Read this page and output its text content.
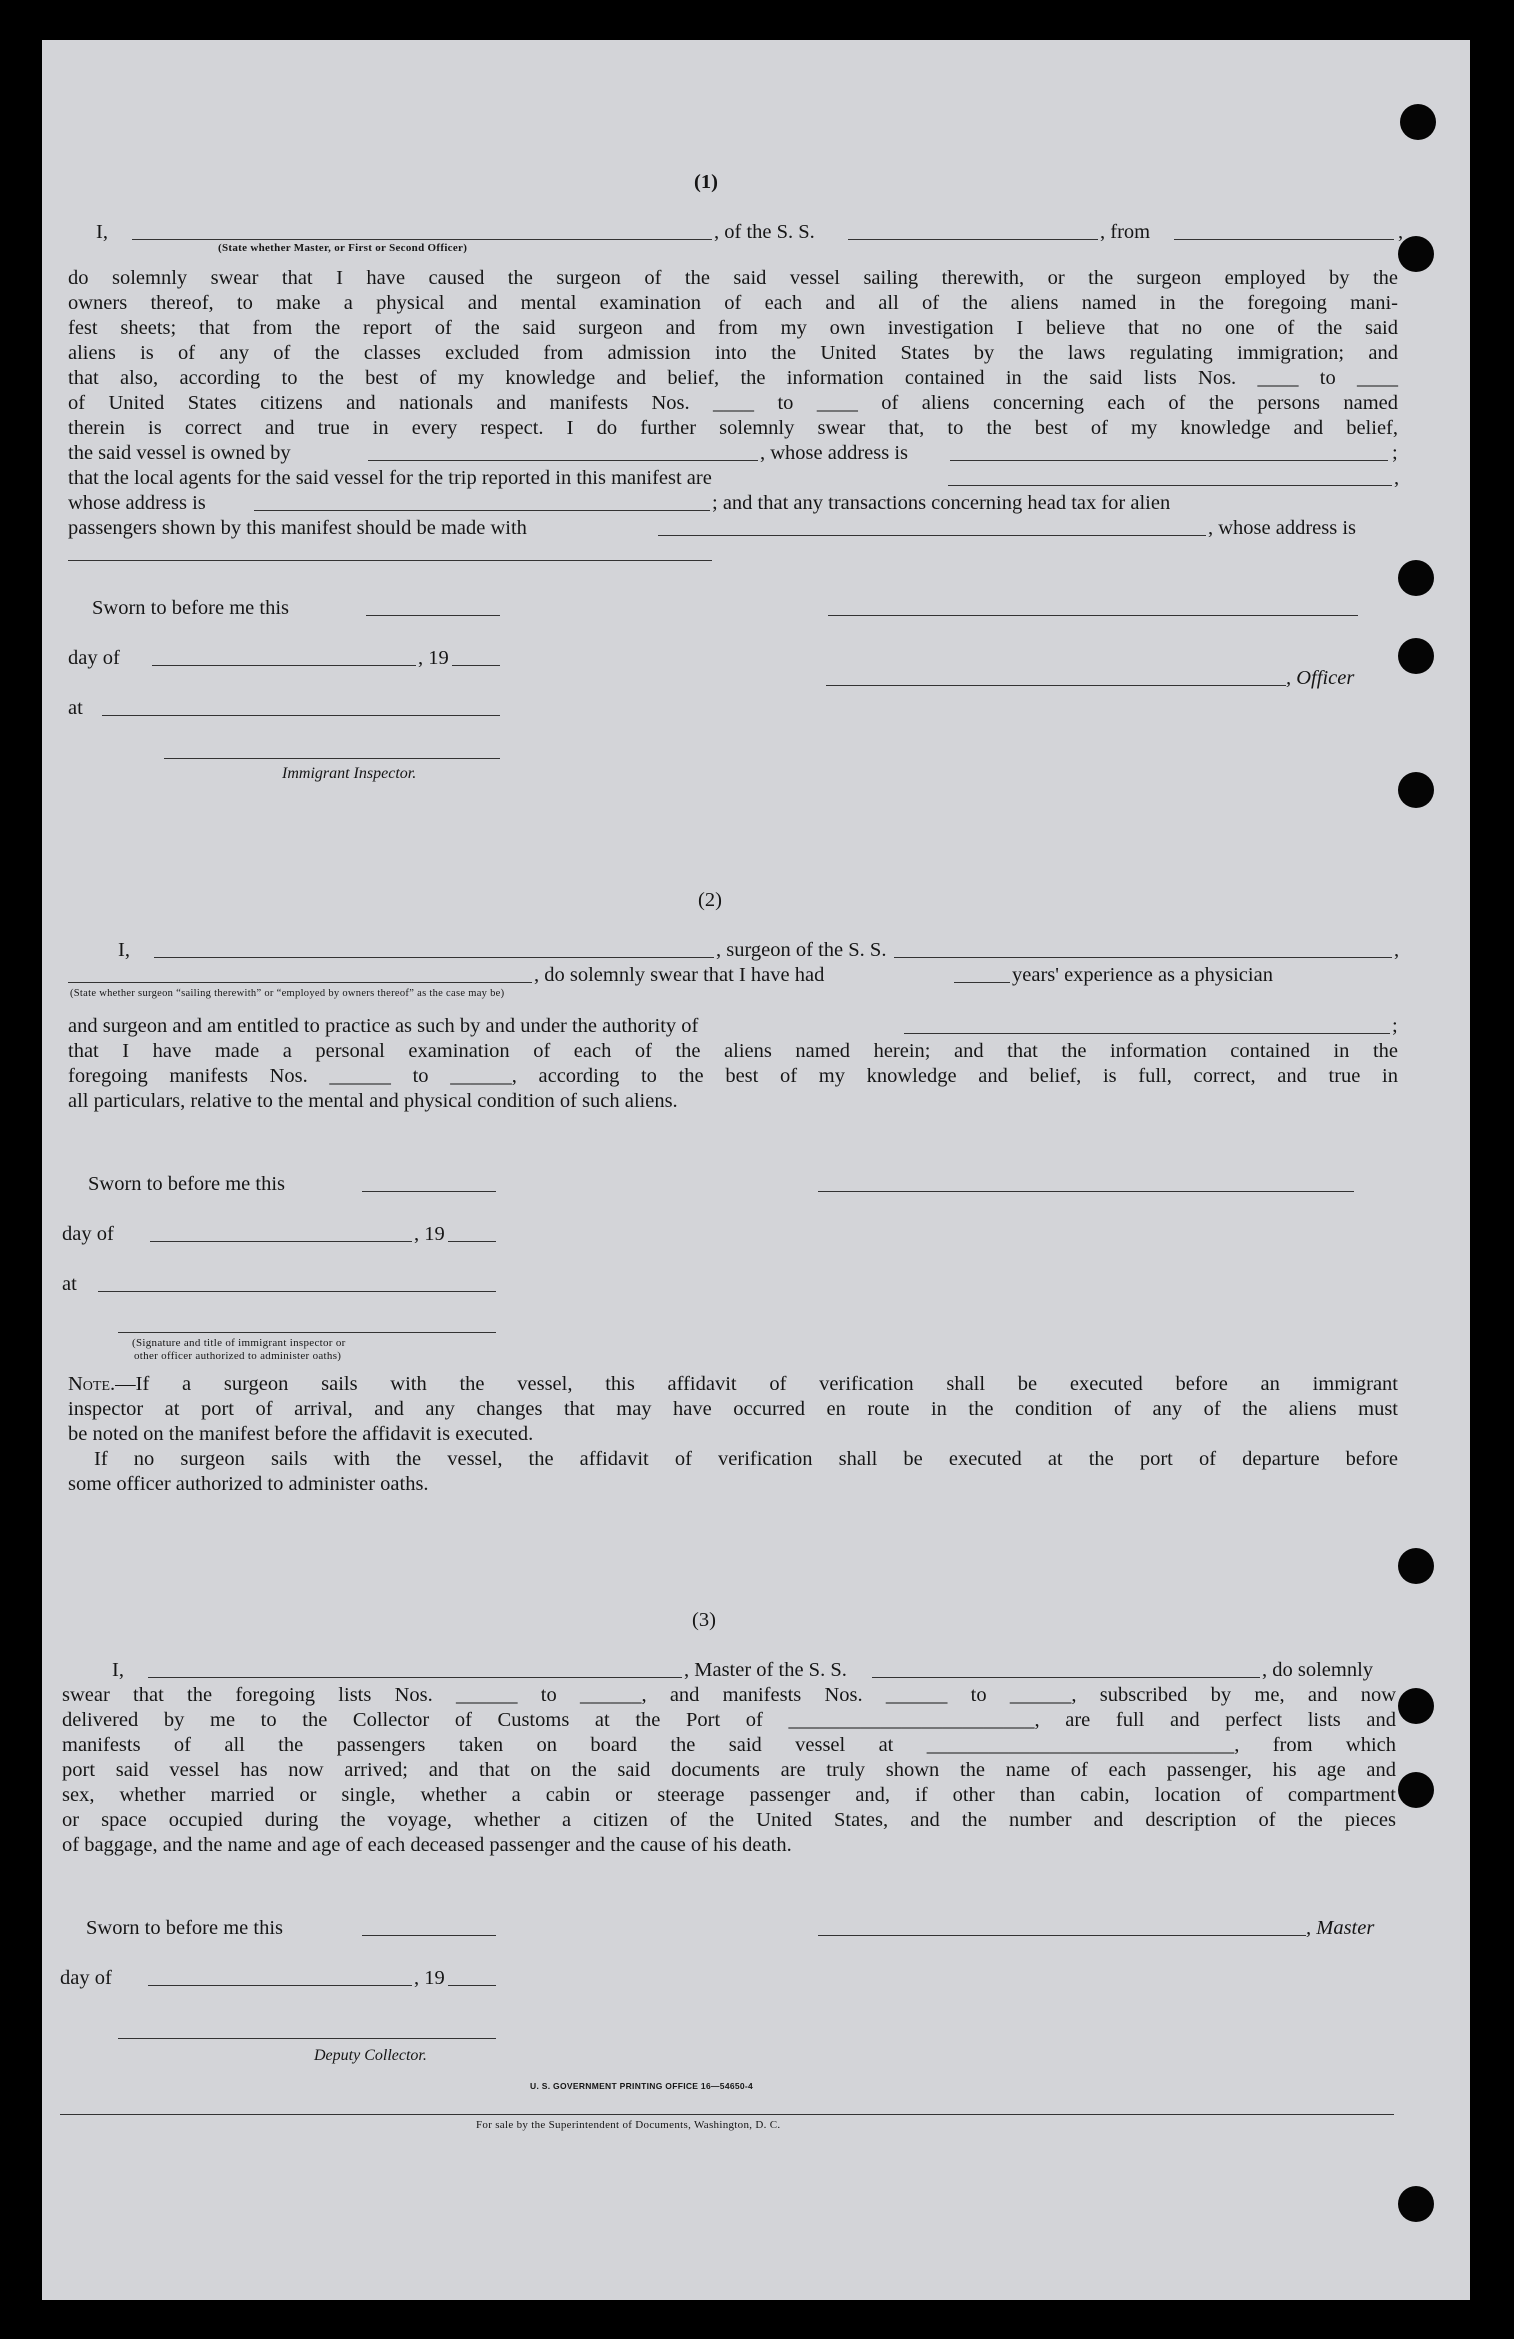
(1)

I,	, of the S. S.	, from	,

(State whether Master, or First or Second Officer)

do solemnly swear that I have caused the surgeon of the said vessel sailing therewith, or the surgeon employed by the

owners thereof, to make a physical and mental examination of each and all of the aliens named in the foregoing mani-

fest sheets; that from the report of the said surgeon and from my own investigation I believe that no one of the said

aliens is of any of the classes excluded from admission into the United States by the laws regulating immigration; and

that also, according to the best of my knowledge and belief, the information contained in the said lists Nos. ____ to ____

of United States citizens and nationals and manifests Nos. ____ to ____ of aliens concerning each of the persons named

therein is correct and true in every respect. I do further solemnly swear that, to the best of my knowledge and belief,

the said vessel is owned by	, whose address is	;

that the local agents for the said vessel for the trip reported in this manifest are	,

whose address is	; and that any transactions concerning head tax for alien

passengers shown by this manifest should be made with	, whose address is

Sworn to before me this

day of	, 19

, Officer

at

Immigrant Inspector.

(2)

I,	, surgeon of the S. S.	,

, do solemnly swear that I have had	years' experience as a physician

(State whether surgeon “sailing therewith” or “employed by owners thereof” as the case may be)

and surgeon and am entitled to practice as such by and under the authority of	;

that I have made a personal examination of each of the aliens named herein; and that the information contained in the

foregoing manifests Nos. ______ to ______, according to the best of my knowledge and belief, is full, correct, and true in

all particulars, relative to the mental and physical condition of such aliens.

Sworn to before me this

day of	, 19

at

(Signature and title of immigrant inspector or

other officer authorized to administer oaths)

Note.—If a surgeon sails with the vessel, this affidavit of verification shall be executed before an immigrant

inspector at port of arrival, and any changes that may have occurred en route in the condition of any of the aliens must

be noted on the manifest before the affidavit is executed.

If no surgeon sails with the vessel, the affidavit of verification shall be executed at the port of departure before

some officer authorized to administer oaths.

(3)

I,	, Master of the S. S.	, do solemnly

swear that the foregoing lists Nos. ______ to ______, and manifests Nos. ______ to ______, subscribed by me, and now

delivered by me to the Collector of Customs at the Port of ________________________, are full and perfect lists and

manifests of all the passengers taken on board the said vessel at ______________________________, from which

port said vessel has now arrived; and that on the said documents are truly shown the name of each passenger, his age and

sex, whether married or single, whether a cabin or steerage passenger and, if other than cabin, location of compartment

or space occupied during the voyage, whether a citizen of the United States, and the number and description of the pieces

of baggage, and the name and age of each deceased passenger and the cause of his death.

Sworn to before me this	, Master

day of	, 19

Deputy Collector.

U. S. GOVERNMENT PRINTING OFFICE 16—54650-4

For sale by the Superintendent of Documents, Washington, D. C.
